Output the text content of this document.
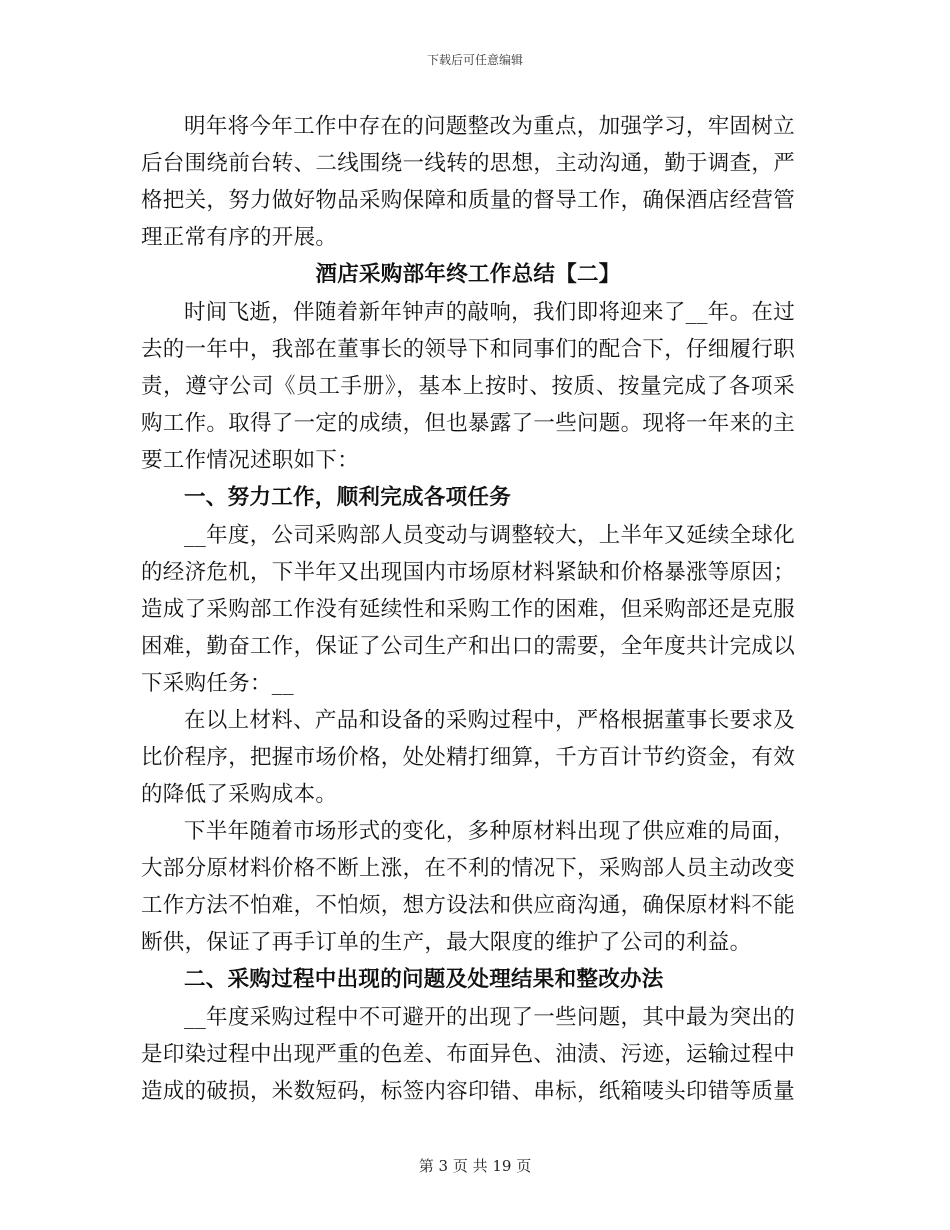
下载后可任意编辑

明年将今年工作中存在的问题整改为重点，加强学习，牢固树立后台围绕前台转、二线围绕一线转的思想，主动沟通，勤于调查，严格把关，努力做好物品采购保障和质量的督导工作，确保酒店经营管理正常有序的开展。

酒店采购部年终工作总结【二】

时间飞逝，伴随着新年钟声的敲响，我们即将迎来了__年。在过去的一年中，我部在董事长的领导下和同事们的配合下，仔细履行职责，遵守公司《员工手册》，基本上按时、按质、按量完成了各项采购工作。取得了一定的成绩，但也暴露了一些问题。现将一年来的主要工作情况述职如下：

一、努力工作，顺利完成各项任务

__年度，公司采购部人员变动与调整较大，上半年又延续全球化的经济危机，下半年又出现国内市场原材料紧缺和价格暴涨等原因；造成了采购部工作没有延续性和采购工作的困难，但采购部还是克服困难，勤奋工作，保证了公司生产和出口的需要，全年度共计完成以下采购任务：__

在以上材料、产品和设备的采购过程中，严格根据董事长要求及比价程序，把握市场价格，处处精打细算，千方百计节约资金，有效的降低了采购成本。

下半年随着市场形式的变化，多种原材料出现了供应难的局面，大部分原材料价格不断上涨，在不利的情况下，采购部人员主动改变工作方法不怕难，不怕烦，想方设法和供应商沟通，确保原材料不能断供，保证了再手订单的生产，最大限度的维护了公司的利益。

二、采购过程中出现的问题及处理结果和整改办法

__年度采购过程中不可避开的出现了一些问题，其中最为突出的是印染过程中出现严重的色差、布面异色、油渍、污迹，运输过程中造成的破损，米数短码，标签内容印错、串标，纸箱唛头印错等质量

第 3 页 共 19 页
